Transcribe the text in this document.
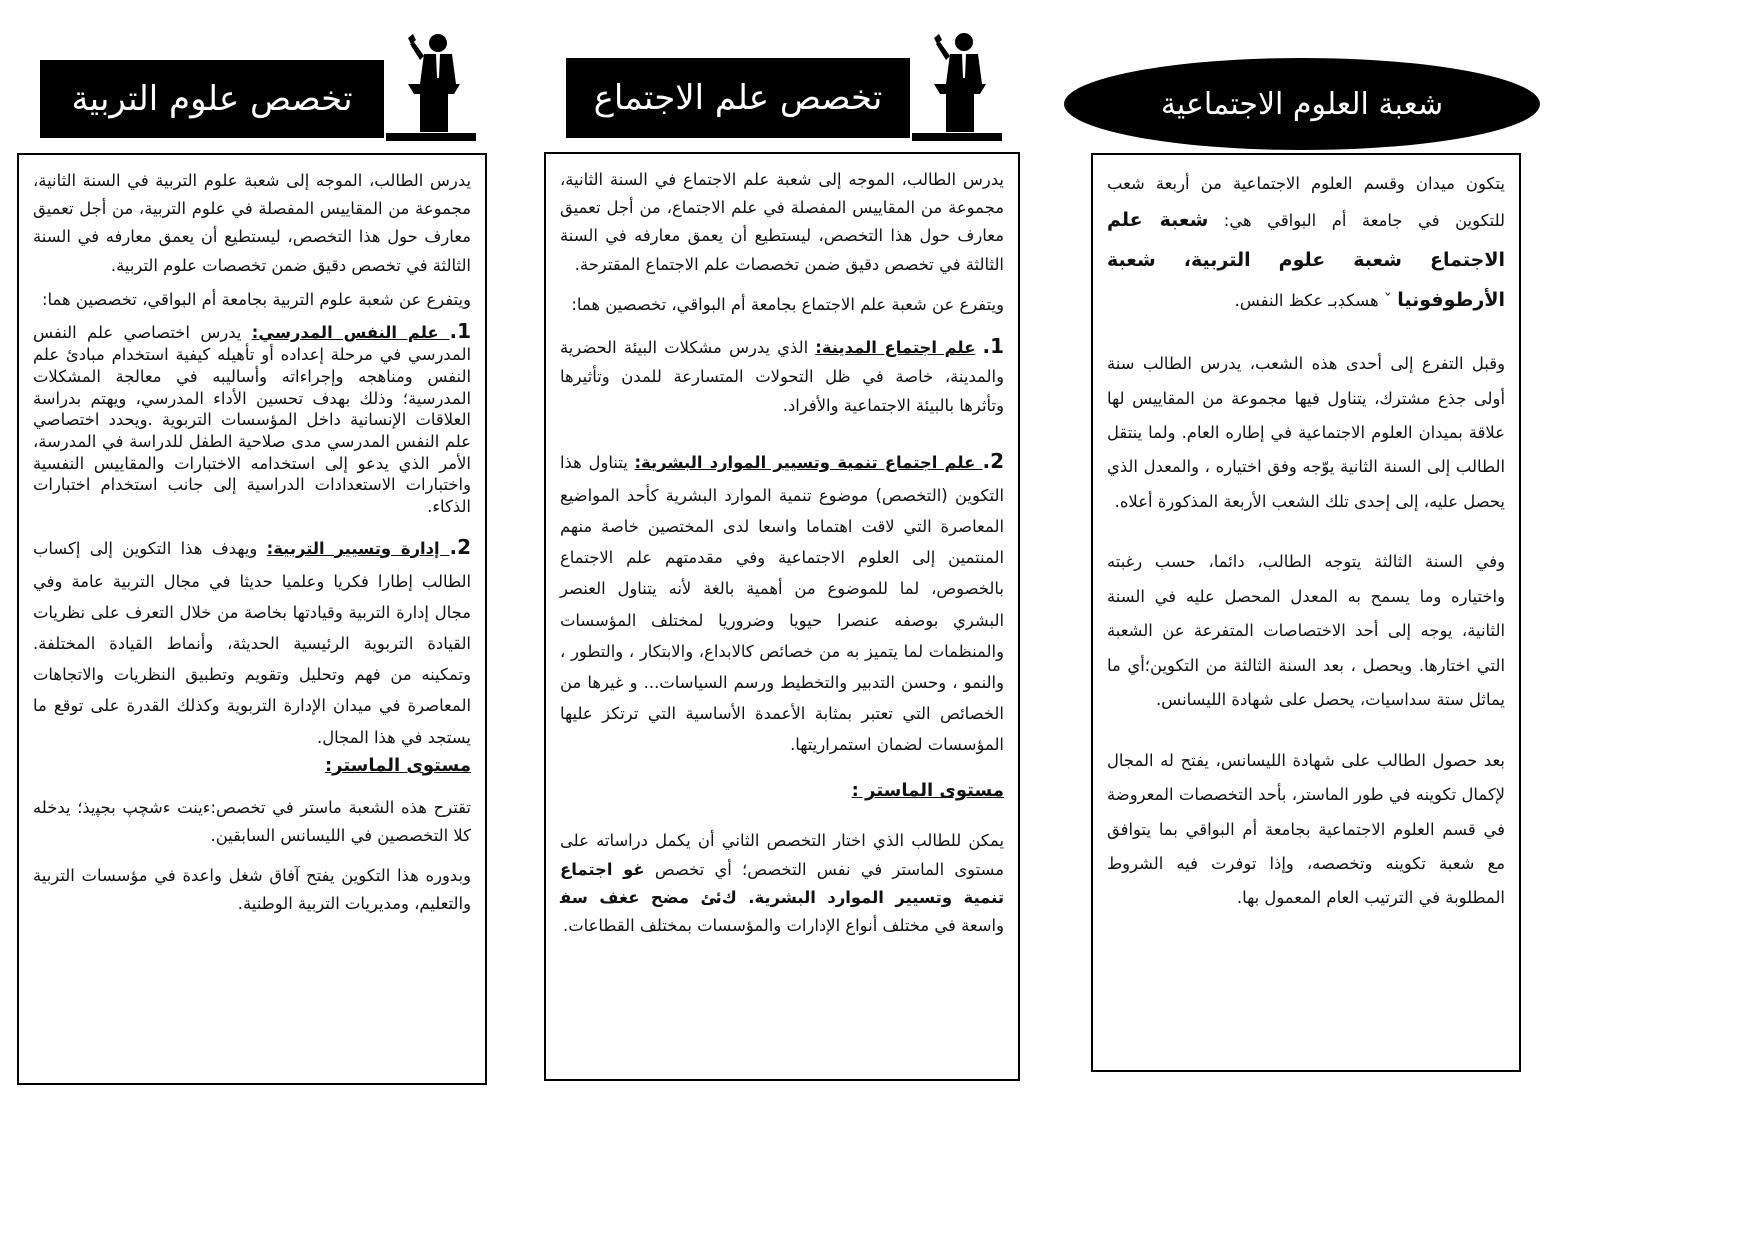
شعبة العلوم الاجتماعية
تخصص علم الاجتماع
تخصص علوم التربية

يتكون ميدان وقسم العلوم الاجتماعية من أربعة شعب للتكوين في جامعة أم البواقي هي: شعبة علم الاجتماع شعبة علوم التربية، شعبة الأرطوفونيا ˇ هسكڊبـ عكظ النفس.

وقبل التفرع إلى أحدى هذه الشعب، يدرس الطالب سنة أولى جذع مشترك، يتناول فيها مجموعة من المقاييس لها علاقة بميدان العلوم الاجتماعية في إطاره العام. ولما ينتقل الطالب إلى السنة الثانية يوّجه وفق اختياره ، والمعدل الذي يحصل عليه، إلى إحدى تلك الشعب الأربعة المذكورة أعلاه.

وفي السنة الثالثة يتوجه الطالب، دائما، حسب رغبته واختياره وما يسمح به المعدل المحصل عليه في السنة الثانية، يوجه إلى أحد الاختصاصات المتفرعة عن الشعبة التي اختارها. ويحصل ، بعد السنة الثالثة من التكوين؛أي ما يماثل ستة سداسيات، يحصل على شهادة الليسانس.

بعد حصول الطالب على شهادة الليسانس، يفتح له المجال لإكمال تكوينه في طور الماستر، بأحد التخصصات المعروضة في قسم العلوم الاجتماعية بجامعة أم البواقي بما يتوافق مع شعبة تكوينه وتخصصه، وإذا توفرت فيه الشروط المطلوبة في الترتيب العام المعمول بها.

يدرس الطالب، الموجه إلى شعبة علم الاجتماع في السنة الثانية، مجموعة من المقاييس المفصلة في علم الاجتماع، من أجل تعميق معارف حول هذا التخصص، ليستطيع أن يعمق معارفه في السنة الثالثة في تخصص دقيق ضمن تخصصات علم الاجتماع المقترحة.

ويتفرع عن شعبة علم الاجتماع بجامعة أم البواقي، تخصصين هما:

1. علم اجتماع المدينة: الذي يدرس مشكلات البيئة الحضرية والمدينة، خاصة في ظل التحولات المتسارعة للمدن وتأثيرها وتأثرها بالبيئة الاجتماعية والأفراد.

2. علم اجتماع تنمية وتسيير الموارد البشرية: يتناول هذا التكوين (التخصص) موضوع تنمية الموارد البشرية كأحد المواضيع المعاصرة التي لاقت اهتماما واسعا لدى المختصين خاصة منهم المنتمين إلى العلوم الاجتماعية وفي مقدمتهم علم الاجتماع بالخصوص، لما للموضوع من أهمية بالغة لأنه يتناول العنصر البشري بوصفه عنصرا حيويا وضروريا لمختلف المؤسسات والمنظمات لما يتميز به من خصائص كالابداع، والابتكار ، والتطور ، والنمو ، وحسن التدبير والتخطيط ورسم السياسات... و غيرها من الخصائص التي تعتبر بمثابة الأعمدة الأساسية التي ترتكز عليها المؤسسات لضمان استمراريتها.

مستوى الماستر :

يمكن للطالب الذي اختار التخصص الثاني أن يكمل دراساته على مستوى الماستر في نفس التخصص؛ أي تخصص غو اجتماع تنمية وتسيير الموارد البشرية. ﻙﺋﺊ ﻣﻀﺢ ﻋﻐﻒ ﺳﻔ واسعة في مختلف أنواع الإدارات والمؤسسات بمختلف القطاعات.

يدرس الطالب، الموجه إلى شعبة علوم التربية في السنة الثانية، مجموعة من المقاييس المفصلة في علوم التربية، من أجل تعميق معارف حول هذا التخصص، ليستطيع أن يعمق معارفه في السنة الثالثة في تخصص دقيق ضمن تخصصات علوم التربية.

ويتفرع عن شعبة علوم التربية بجامعة أم البواقي، تخصصين هما:

1. علم النفس المدرسي: يدرس اختصاصي علم النفس المدرسي في مرحلة إعداده أو تأهيله كيفية استخدام مبادئ علم النفس ومناهجه وإجراءاته وأساليبه في معالجة المشكلات المدرسية؛ وذلك بهدف تحسين الأداء المدرسي، ويهتم بدراسة العلاقات الإنسانية داخل المؤسسات التربوية .ويحدد اختصاصي علم النفس المدرسي مدى صلاحية الطفل للدراسة في المدرسة، الأمر الذي يدعو إلى استخدامه الاختبارات والمقاييس النفسية واختبارات الاستعدادات الدراسية إلى جانب استخدام اختبارات الذكاء.

2. إدارة وتسيير التربية: ويهدف هذا التكوين إلى إكساب الطالب إطارا فكريا وعلميا حديثا في مجال التربية عامة وفي مجال إدارة التربية وقيادتها بخاصة من خلال التعرف على نظريات القيادة التربوية الرئيسية الحديثة، وأنماط القيادة المختلفة. وتمكينه من فهم وتحليل وتقويم وتطبيق النظريات والاتجاهات المعاصرة في ميدان الإدارة التربوية وكذلك القدرة على توقع ما يستجد في هذا المجال.

مستوى الماستر:

تقترح هذه الشعبة ماستر في تخصص:ﺀﻳﻨﺖ ﺀﺷﭽﭗ ﺑﺠﭙﻳﺬ؛ يدخله كلا التخصصين في الليسانس السابقين.

وبدوره هذا التكوين يفتح آفاق شغل واعدة في مؤسسات التربية والتعليم، ومديريات التربية الوطنية.
